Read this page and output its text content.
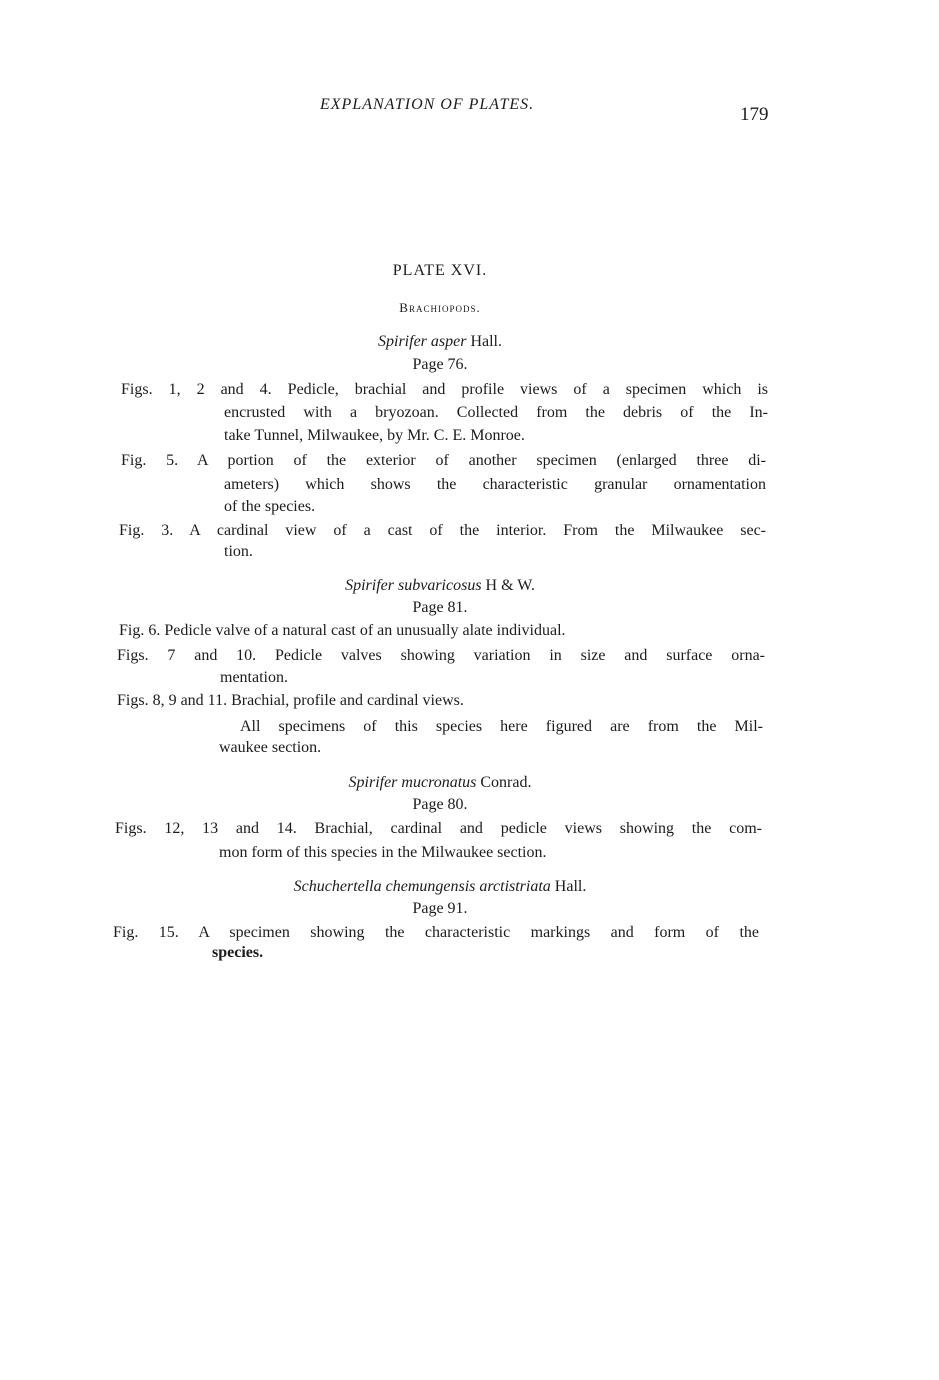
EXPLANATION OF PLATES.	179
PLATE XVI.
Brachiopods.
Spirifer asper Hall.
Page 76.
Figs. 1, 2 and 4. Pedicle, brachial and profile views of a specimen which is
encrusted with a bryozoan. Collected from the debris of the In-
take Tunnel, Milwaukee, by Mr. C. E. Monroe.
Fig. 5. A portion of the exterior of another specimen (enlarged three di-
ameters) which shows the characteristic granular ornamentation
of the species.
Fig. 3. A cardinal view of a cast of the interior. From the Milwaukee sec-
tion.
Spirifer subvaricosus H & W.
Page 81.
Fig. 6. Pedicle valve of a natural cast of an unusually alate individual.
Figs. 7 and 10. Pedicle valves showing variation in size and surface orna-
mentation.
Figs. 8, 9 and 11. Brachial, profile and cardinal views.
All specimens of this species here figured are from the Mil-
waukee section.
Spirifer mucronatus Conrad.
Page 80.
Figs. 12, 13 and 14. Brachial, cardinal and pedicle views showing the com-
mon form of this species in the Milwaukee section.
Schuchertella chemungensis arctistriata Hall.
Page 91.
Fig. 15. A specimen showing the characteristic markings and form of the
species.
